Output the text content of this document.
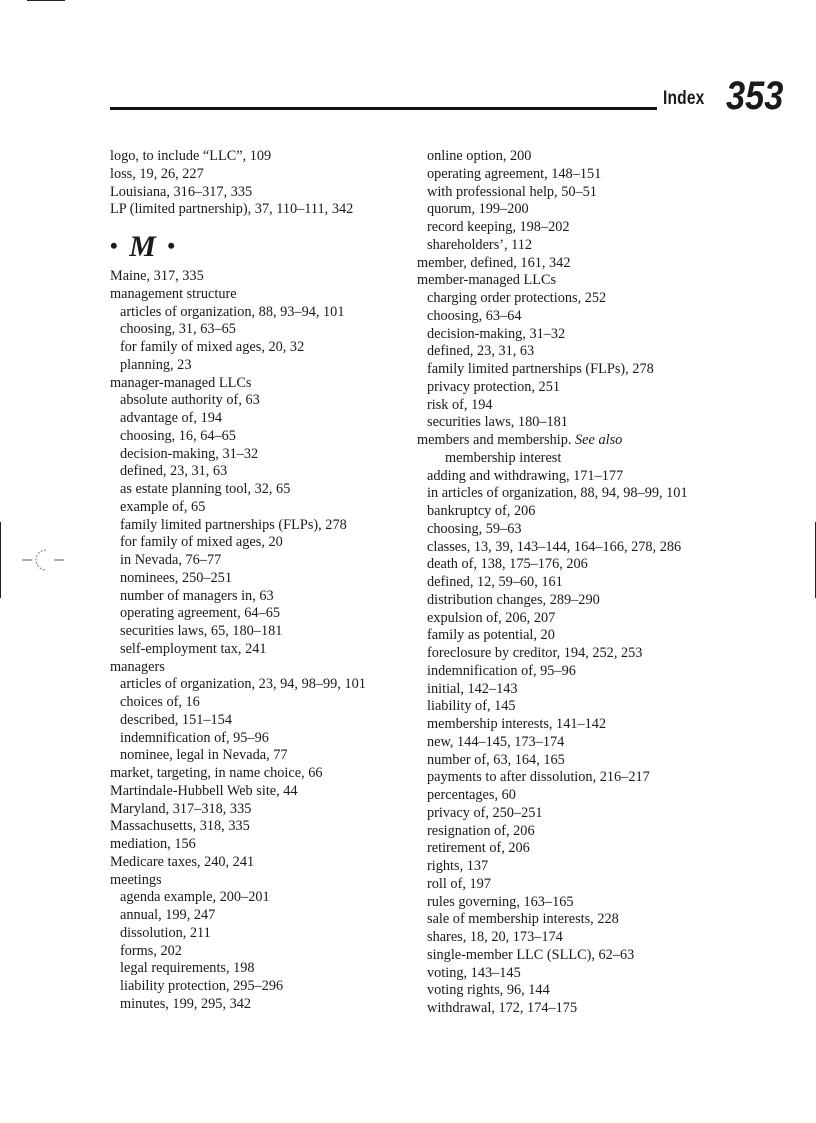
Index 353
logo, to include “LLC”, 109
loss, 19, 26, 227
Louisiana, 316–317, 335
LP (limited partnership), 37, 110–111, 342
• M •
Maine, 317, 335
management structure
articles of organization, 88, 93–94, 101
choosing, 31, 63–65
for family of mixed ages, 20, 32
planning, 23
manager-managed LLCs
absolute authority of, 63
advantage of, 194
choosing, 16, 64–65
decision-making, 31–32
defined, 23, 31, 63
as estate planning tool, 32, 65
example of, 65
family limited partnerships (FLPs), 278
for family of mixed ages, 20
in Nevada, 76–77
nominees, 250–251
number of managers in, 63
operating agreement, 64–65
securities laws, 65, 180–181
self-employment tax, 241
managers
articles of organization, 23, 94, 98–99, 101
choices of, 16
described, 151–154
indemnification of, 95–96
nominee, legal in Nevada, 77
market, targeting, in name choice, 66
Martindale-Hubbell Web site, 44
Maryland, 317–318, 335
Massachusetts, 318, 335
mediation, 156
Medicare taxes, 240, 241
meetings
agenda example, 200–201
annual, 199, 247
dissolution, 211
forms, 202
legal requirements, 198
liability protection, 295–296
minutes, 199, 295, 342
online option, 200
operating agreement, 148–151
with professional help, 50–51
quorum, 199–200
record keeping, 198–202
shareholders’, 112
member, defined, 161, 342
member-managed LLCs
charging order protections, 252
choosing, 63–64
decision-making, 31–32
defined, 23, 31, 63
family limited partnerships (FLPs), 278
privacy protection, 251
risk of, 194
securities laws, 180–181
members and membership. See also
membership interest
adding and withdrawing, 171–177
in articles of organization, 88, 94, 98–99, 101
bankruptcy of, 206
choosing, 59–63
classes, 13, 39, 143–144, 164–166, 278, 286
death of, 138, 175–176, 206
defined, 12, 59–60, 161
distribution changes, 289–290
expulsion of, 206, 207
family as potential, 20
foreclosure by creditor, 194, 252, 253
indemnification of, 95–96
initial, 142–143
liability of, 145
membership interests, 141–142
new, 144–145, 173–174
number of, 63, 164, 165
payments to after dissolution, 216–217
percentages, 60
privacy of, 250–251
resignation of, 206
retirement of, 206
rights, 137
roll of, 197
rules governing, 163–165
sale of membership interests, 228
shares, 18, 20, 173–174
single-member LLC (SLLC), 62–63
voting, 143–145
voting rights, 96, 144
withdrawal, 172, 174–175
